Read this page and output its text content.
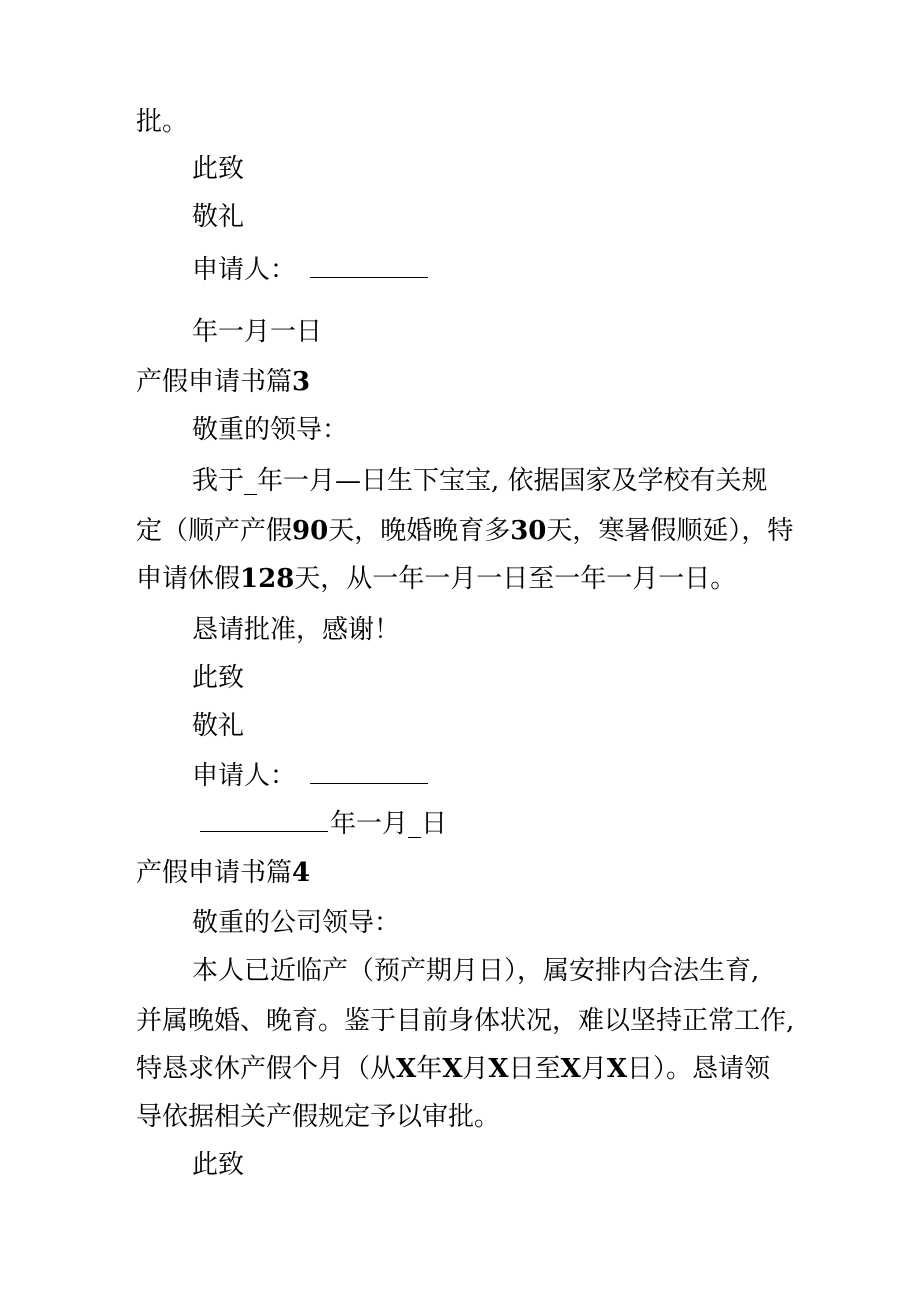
批。
此致
敬礼
申请人：
年一月一日
产假申请书篇3
敬重的领导：
我于_年一月—日生下宝宝, 依据国家及学校有关规
定（顺产产假90天，晚婚晚育多30天，寒暑假顺延），特
申请休假128天，从一年一月一日至一年一月一日。
恳请批准，感谢！
此致
敬礼
申请人：
年一月_日
产假申请书篇4
敬重的公司领导：
本人已近临产（预产期月日），属安排内合法生育,
并属晚婚、晚育。鉴于目前身体状况，难以坚持正常工作,
特恳求休产假个月（从X年X月X日至X月X日）。恳请领
导依据相关产假规定予以审批。
此致
